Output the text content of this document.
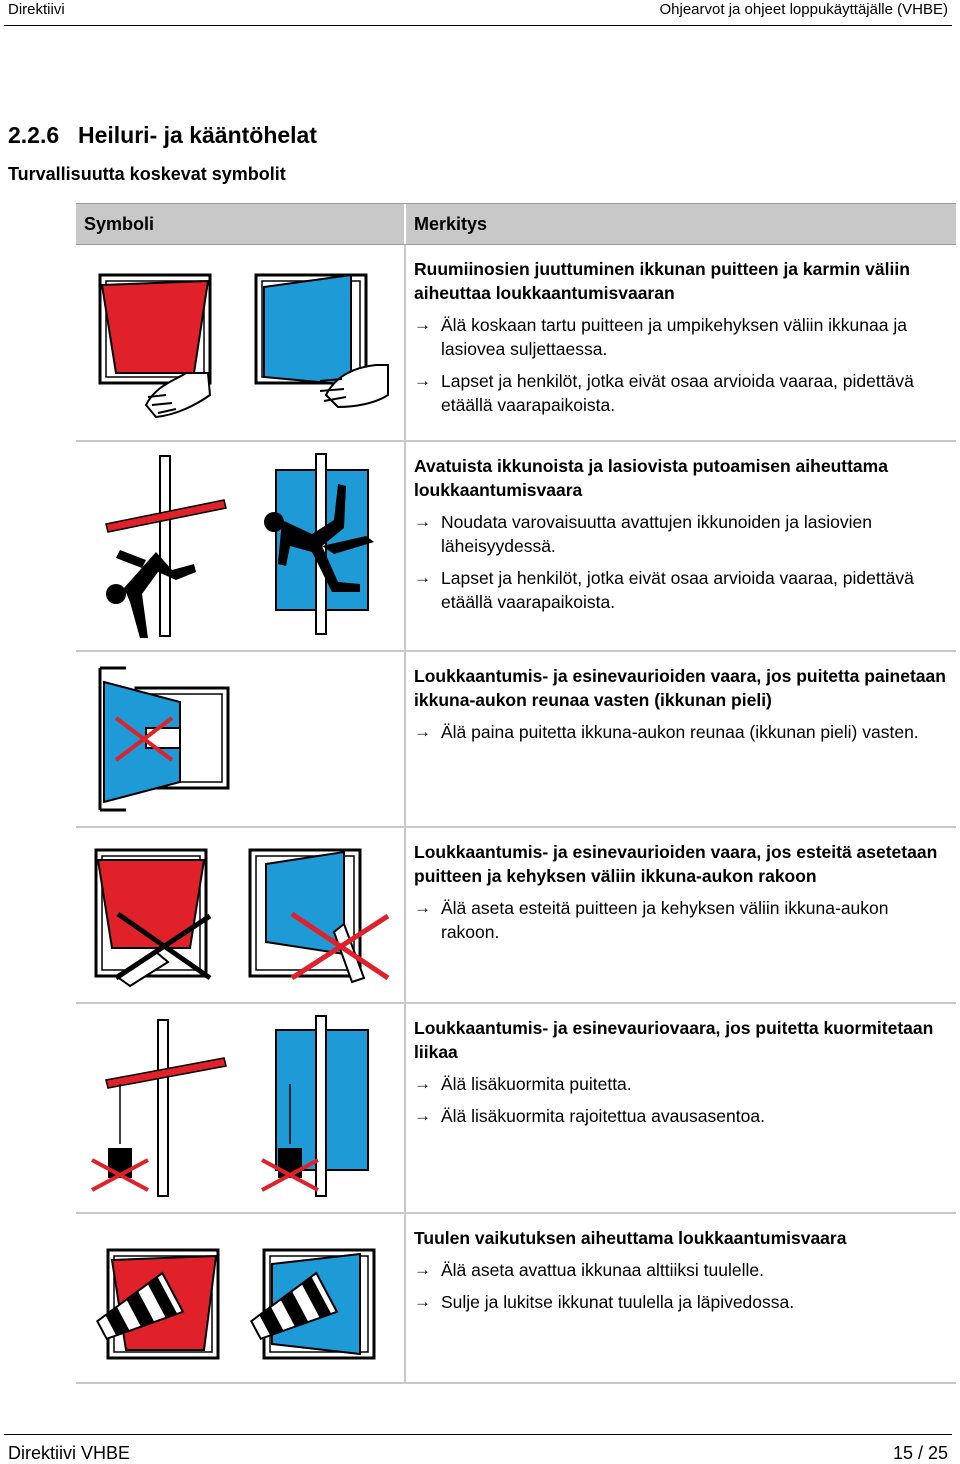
Direktiivi	Ohjearvot ja ohjeet loppukäyttäjälle (VHBE)
2.2.6 Heiluri- ja kääntöhelat
Turvallisuutta koskevat symbolit
Symboli	Merkitys
Ruumiinosien juuttuminen ikkunan puitteen ja karmin väliin aiheuttaa loukkaantumisvaaran
→ Älä koskaan tartu puitteen ja umpikehyksen väliin ikkunaa ja lasiovea suljettaessa.
→ Lapset ja henkilöt, jotka eivät osaa arvioida vaaraa, pidettävä etäällä vaarapaikoista.
Avatuista ikkunoista ja lasiovista putoamisen aiheuttama loukkaantumisvaara
→ Noudata varovaisuutta avattujen ikkunoiden ja lasiovien läheisyydessä.
→ Lapset ja henkilöt, jotka eivät osaa arvioida vaaraa, pidettävä etäällä vaarapaikoista.
Loukkaantumis- ja esinevaurioiden vaara, jos puitetta painetaan ikkuna-aukon reunaa vasten (ikkunan pieli)
→ Älä paina puitetta ikkuna-aukon reunaa (ikkunan pieli) vasten.
Loukkaantumis- ja esinevaurioiden vaara, jos esteitä asetetaan puitteen ja kehyksen väliin ikkuna-aukon rakoon
→ Älä aseta esteitä puitteen ja kehyksen väliin ikkuna-aukon rakoon.
Loukkaantumis- ja esinevauriovaara, jos puitetta kuormitetaan liikaa
→ Älä lisäkuormita puitetta.
→ Älä lisäkuormita rajoitettua avausasentoa.
Tuulen vaikutuksen aiheuttama loukkaantumisvaara
→ Älä aseta avattua ikkunaa alttiiksi tuulelle.
→ Sulje ja lukitse ikkunat tuulella ja läpivedossa.
Direktiivi VHBE	15 / 25
